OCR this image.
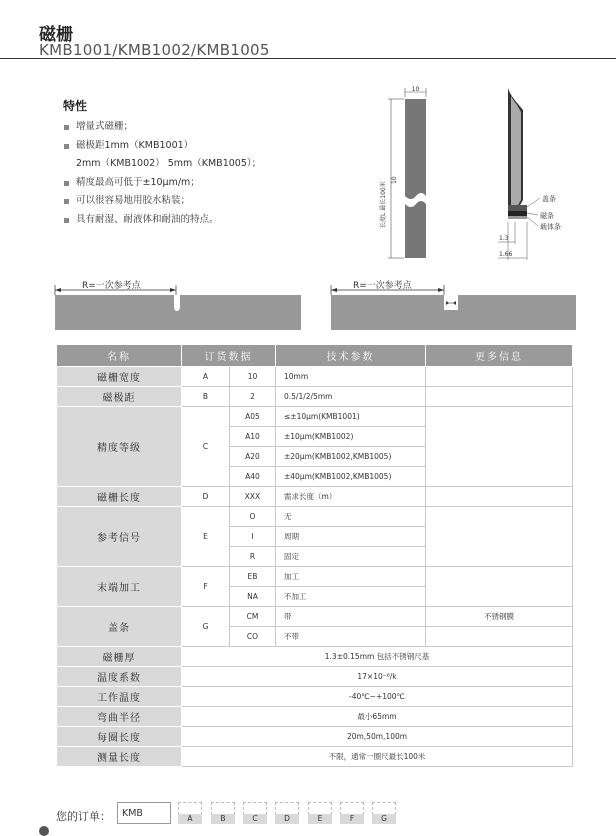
磁栅
KMB1001/KMB1002/KMB1005
特性
增量式磁栅；
磁极距1mm（KMB1001）
2mm（KMB1002） 5mm（KMB1005）；
精度最高可低于±10μm/m；
可以很容易地用胶水粘装；
具有耐湿、耐液体和耐油的特点。
10
长度L 最长100米
10
盖条
磁条
载体条
1.3
1.66
R=一次参考点	R=一次参考点
名称	订货数据		技术参数	更多信息
磁栅宽度	A	10	10mm	
磁极距	B	2	0.5/1/2/5mm	
精度等级	C	A05	≤±10μm(KMB1001)	
		A10	±10μm(KMB1002)	
		A20	±20μm(KMB1002,KMB1005)	
		A40	±40μm(KMB1002,KMB1005)	
磁栅长度	D	XXX	需求长度（m）	
参考信号	E	O	无	
		I	周期	
		R	固定	
末端加工	F	EB	加工	
		NA	不加工	
盖条	G	CM	带	不锈钢膜
		CO	不带	
磁栅厚	1.3±0.15mm 包括不锈钢尺基			
温度系数	17×10⁻⁶/k			
工作温度	-40℃~+100℃			
弯曲半径	最小65mm			
每圈长度	20m,50m,100m			
测量长度	不限，通常一圈尺最长100米			
您的订单：	KMB	A	B	C	D	E	F	G
